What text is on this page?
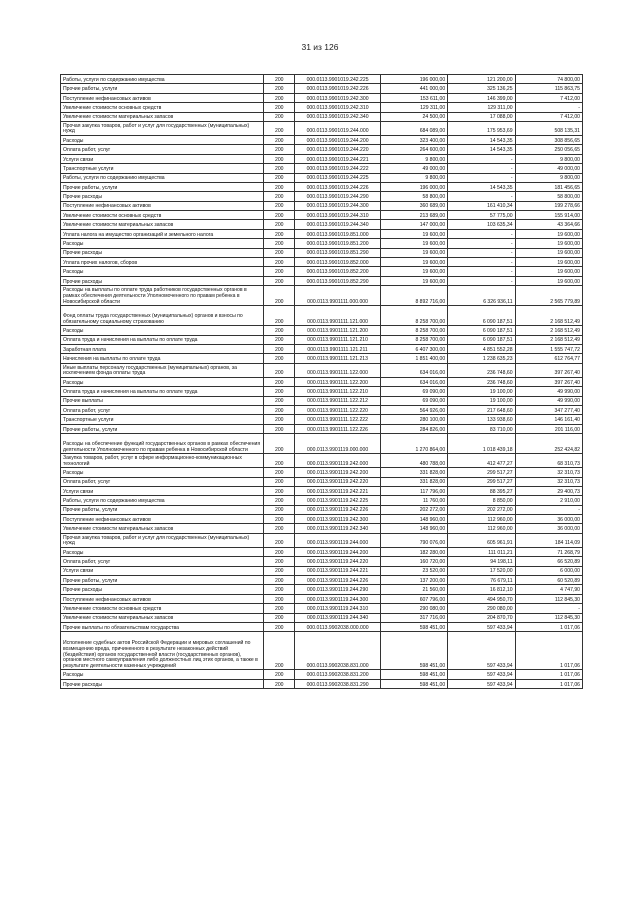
31 из 126
Работы, услуги по содержанию имущества	200	000.0113.9901019.242.225	196 000,00	121 200,00	74 800,00
Прочие работы, услуги	200	000.0113.9901019.242.226	441 000,00	325 136,25	115 863,75
Поступление нефинансовых активов	200	000.0113.9901019.242.300	153 611,00	146 399,00	7 412,00
Увеличение стоимости основных средств	200	000.0113.9901019.242.310	129 311,00	129 311,00	-
Увеличение стоимости материальных запасов	200	000.0113.9901019.242.340	24 500,00	17 088,00	7 412,00
Прочая закупка товаров, работ и услуг для государственных (муниципальных) нужд	200	000.0113.9901019.244.000	684 089,00	175 953,69	508 135,31
Расходы	200	000.0113.9901019.244.200	323 400,00	14 543,35	308 856,65
Оплата работ, услуг	200	000.0113.9901019.244.220	264 600,00	14 543,35	250 056,65
Услуги связи	200	000.0113.9901019.244.221	9 800,00	-	9 800,00
Транспортные услуги	200	000.0113.9901019.244.222	49 000,00	-	49 000,00
Работы, услуги по содержанию имущества	200	000.0113.9901019.244.225	9 800,00	-	9 800,00
Прочие работы, услуги	200	000.0113.9901019.244.226	196 000,00	14 543,35	181 456,65
Прочие расходы	200	000.0113.9901019.244.290	58 800,00	-	58 800,00
Поступление нефинансовых активов	200	000.0113.9901019.244.300	360 689,00	161 410,34	199 278,66
Увеличение стоимости основных средств	200	000.0113.9901019.244.310	213 689,00	57 775,00	155 914,00
Увеличение стоимости материальных запасов	200	000.0113.9901019.244.340	147 000,00	103 635,34	43 364,66
Уплата налога на имущество организаций и земельного налога	200	000.0113.9901019.851.000	19 600,00	-	19 600,00
Расходы	200	000.0113.9901019.851.200	19 600,00	-	19 600,00
Прочие расходы	200	000.0113.9901019.851.290	19 600,00	-	19 600,00
Уплата прочих налогов, сборов	200	000.0113.9901019.852.000	19 600,00	-	19 600,00
Расходы	200	000.0113.9901019.852.200	19 600,00	-	19 600,00
Прочие расходы	200	000.0113.9901019.852.290	19 600,00	-	19 600,00
Расходы на выплаты по оплате труда работников государственных органов в рамках обеспечения деятельности Уполномоченного по правам ребенка в Новосибирской области	200	000.0113.9901111.000.000	8 892 716,00	6 326 936,11	2 565 779,89
Фонд оплаты труда государственных (муниципальных) органов и взносы по обязательному социальному страхованию	200	000.0113.9901111.121.000	8 258 700,00	6 090 187,51	2 168 512,49
Расходы	200	000.0113.9901111.121.200	8 258 700,00	6 090 187,51	2 168 512,49
Оплата труда и начисления на выплаты по оплате труда	200	000.0113.9901111.121.210	8 258 700,00	6 090 187,51	2 168 512,49
Заработная плата	200	000.0113.9901111.121.211	6 407 300,00	4 851 552,28	1 555 747,72
Начисления на выплаты по оплате труда	200	000.0113.9901111.121.213	1 851 400,00	1 238 635,23	612 764,77
Иные выплаты персоналу государственных (муниципальных) органов, за исключением фонда оплаты труда	200	000.0113.9901111.122.000	634 016,00	236 748,60	397 267,40
Расходы	200	000.0113.9901111.122.200	634 016,00	236 748,60	397 267,40
Оплата труда и начисления на выплаты по оплате труда	200	000.0113.9901111.122.210	69 090,00	19 100,00	49 990,00
Прочие выплаты	200	000.0113.9901111.122.212	69 090,00	19 100,00	49 990,00
Оплата работ, услуг	200	000.0113.9901111.122.220	564 926,00	217 648,60	347 277,40
Транспортные услуги	200	000.0113.9901111.122.222	280 100,00	133 938,60	146 161,40
Прочие работы, услуги	200	000.0113.9901111.122.226	284 826,00	83 710,00	201 116,00
Расходы на обеспечение функций государственных органов в рамках обеспечения деятельности Уполномоченного по правам ребенка в Новосибирской области	200	000.0113.9901119.000.000	1 270 864,00	1 018 439,18	252 424,82
Закупка товаров, работ, услуг в сфере информационно-коммуникационных технологий	200	000.0113.9901119.242.000	480 788,00	412 477,27	68 310,73
Расходы	200	000.0113.9901119.242.200	331 828,00	299 517,27	32 310,73
Оплата работ, услуг	200	000.0113.9901119.242.220	331 828,00	299 517,27	32 310,73
Услуги связи	200	000.0113.9901119.242.221	117 796,00	88 395,27	29 400,73
Работы, услуги по содержанию имущества	200	000.0113.9901119.242.225	11 760,00	8 850,00	2 910,00
Прочие работы, услуги	200	000.0113.9901119.242.226	202 272,00	202 272,00	-
Поступление нефинансовых активов	200	000.0113.9901119.242.300	148 960,00	112 960,00	36 000,00
Увеличение стоимости материальных запасов	200	000.0113.9901119.242.340	148 960,00	112 960,00	36 000,00
Прочая закупка товаров, работ и услуг для государственных (муниципальных) нужд	200	000.0113.9901119.244.000	790 076,00	605 961,91	184 114,09
Расходы	200	000.0113.9901119.244.200	182 280,00	111 011,21	71 268,79
Оплата работ, услуг	200	000.0113.9901119.244.220	160 720,00	94 198,11	66 520,89
Услуги связи	200	000.0113.9901119.244.221	23 520,00	17 520,00	6 000,00
Прочие работы, услуги	200	000.0113.9901119.244.226	137 200,00	76 679,11	60 520,89
Прочие расходы	200	000.0113.9901119.244.290	21 560,00	16 812,10	4 747,90
Поступление нефинансовых активов	200	000.0113.9901119.244.300	607 796,00	494 950,70	112 845,30
Увеличение стоимости основных средств	200	000.0113.9901119.244.310	290 080,00	290 080,00	-
Увеличение стоимости материальных запасов	200	000.0113.9901119.244.340	317 716,00	204 870,70	112 845,30
Прочие выплаты по обязательствам государства	200	000.0113.9902038.000.000	598 451,00	597 433,94	1 017,06
Исполнение судебных актов Российской Федерации и мировых соглашений по возмещению вреда, причиненного в результате незаконных действий (бездействия) органов государственной власти (государственных органов), органов местного самоуправления либо должностных лиц этих органов, а также в результате деятельности казенных учреждений	200	000.0113.9902038.831.000	598 451,00	597 433,94	1 017,06
Расходы	200	000.0113.9902038.831.200	598 451,00	597 433,94	1 017,06
Прочие расходы	200	000.0113.9902038.831.290	598 451,00	597 433,94	1 017,06
